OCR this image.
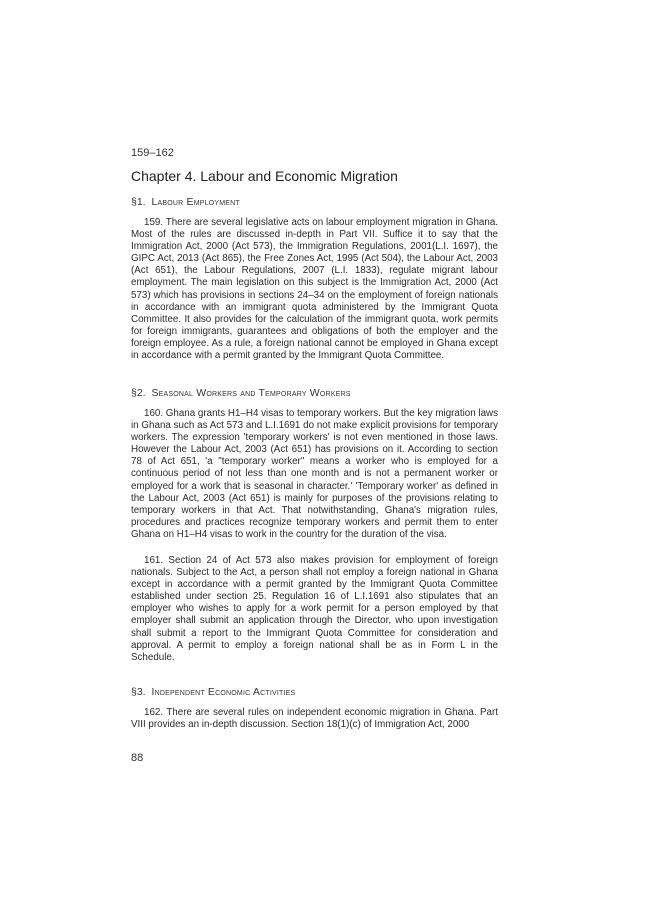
159–162
Chapter 4. Labour and Economic Migration
§1. Labour Employment

159. There are several legislative acts on labour employment migration in Ghana. Most of the rules are discussed in-depth in Part VII. Suffice it to say that the Immigration Act, 2000 (Act 573), the Immigration Regulations, 2001(L.I. 1697), the GIPC Act, 2013 (Act 865), the Free Zones Act, 1995 (Act 504), the Labour Act, 2003 (Act 651), the Labour Regulations, 2007 (L.I. 1833), regulate migrant labour employment. The main legislation on this subject is the Immigration Act, 2000 (Act 573) which has provisions in sections 24–34 on the employment of foreign nationals in accordance with an immigrant quota administered by the Immigrant Quota Committee. It also provides for the calculation of the immigrant quota, work permits for foreign immigrants, guarantees and obligations of both the employer and the foreign employee. As a rule, a foreign national cannot be employed in Ghana except in accordance with a permit granted by the Immigrant Quota Committee.

§2. Seasonal Workers and Temporary Workers

160. Ghana grants H1–H4 visas to temporary workers. But the key migration laws in Ghana such as Act 573 and L.I.1691 do not make explicit provisions for temporary workers. The expression 'temporary workers' is not even mentioned in those laws. However the Labour Act, 2003 (Act 651) has provisions on it. According to section 78 of Act 651, 'a "temporary worker" means a worker who is employed for a continuous period of not less than one month and is not a permanent worker or employed for a work that is seasonal in character.' 'Temporary worker' as defined in the Labour Act, 2003 (Act 651) is mainly for purposes of the provisions relating to temporary workers in that Act. That notwithstanding, Ghana's migration rules, procedures and practices recognize temporary workers and permit them to enter Ghana on H1–H4 visas to work in the country for the duration of the visa.

161. Section 24 of Act 573 also makes provision for employment of foreign nationals. Subject to the Act, a person shall not employ a foreign national in Ghana except in accordance with a permit granted by the Immigrant Quota Committee established under section 25. Regulation 16 of L.I.1691 also stipulates that an employer who wishes to apply for a work permit for a person employed by that employer shall submit an application through the Director, who upon investigation shall submit a report to the Immigrant Quota Committee for consideration and approval. A permit to employ a foreign national shall be as in Form L in the Schedule.

§3. Independent Economic Activities

162. There are several rules on independent economic migration in Ghana. Part VIII provides an in-depth discussion. Section 18(1)(c) of Immigration Act, 2000

88
